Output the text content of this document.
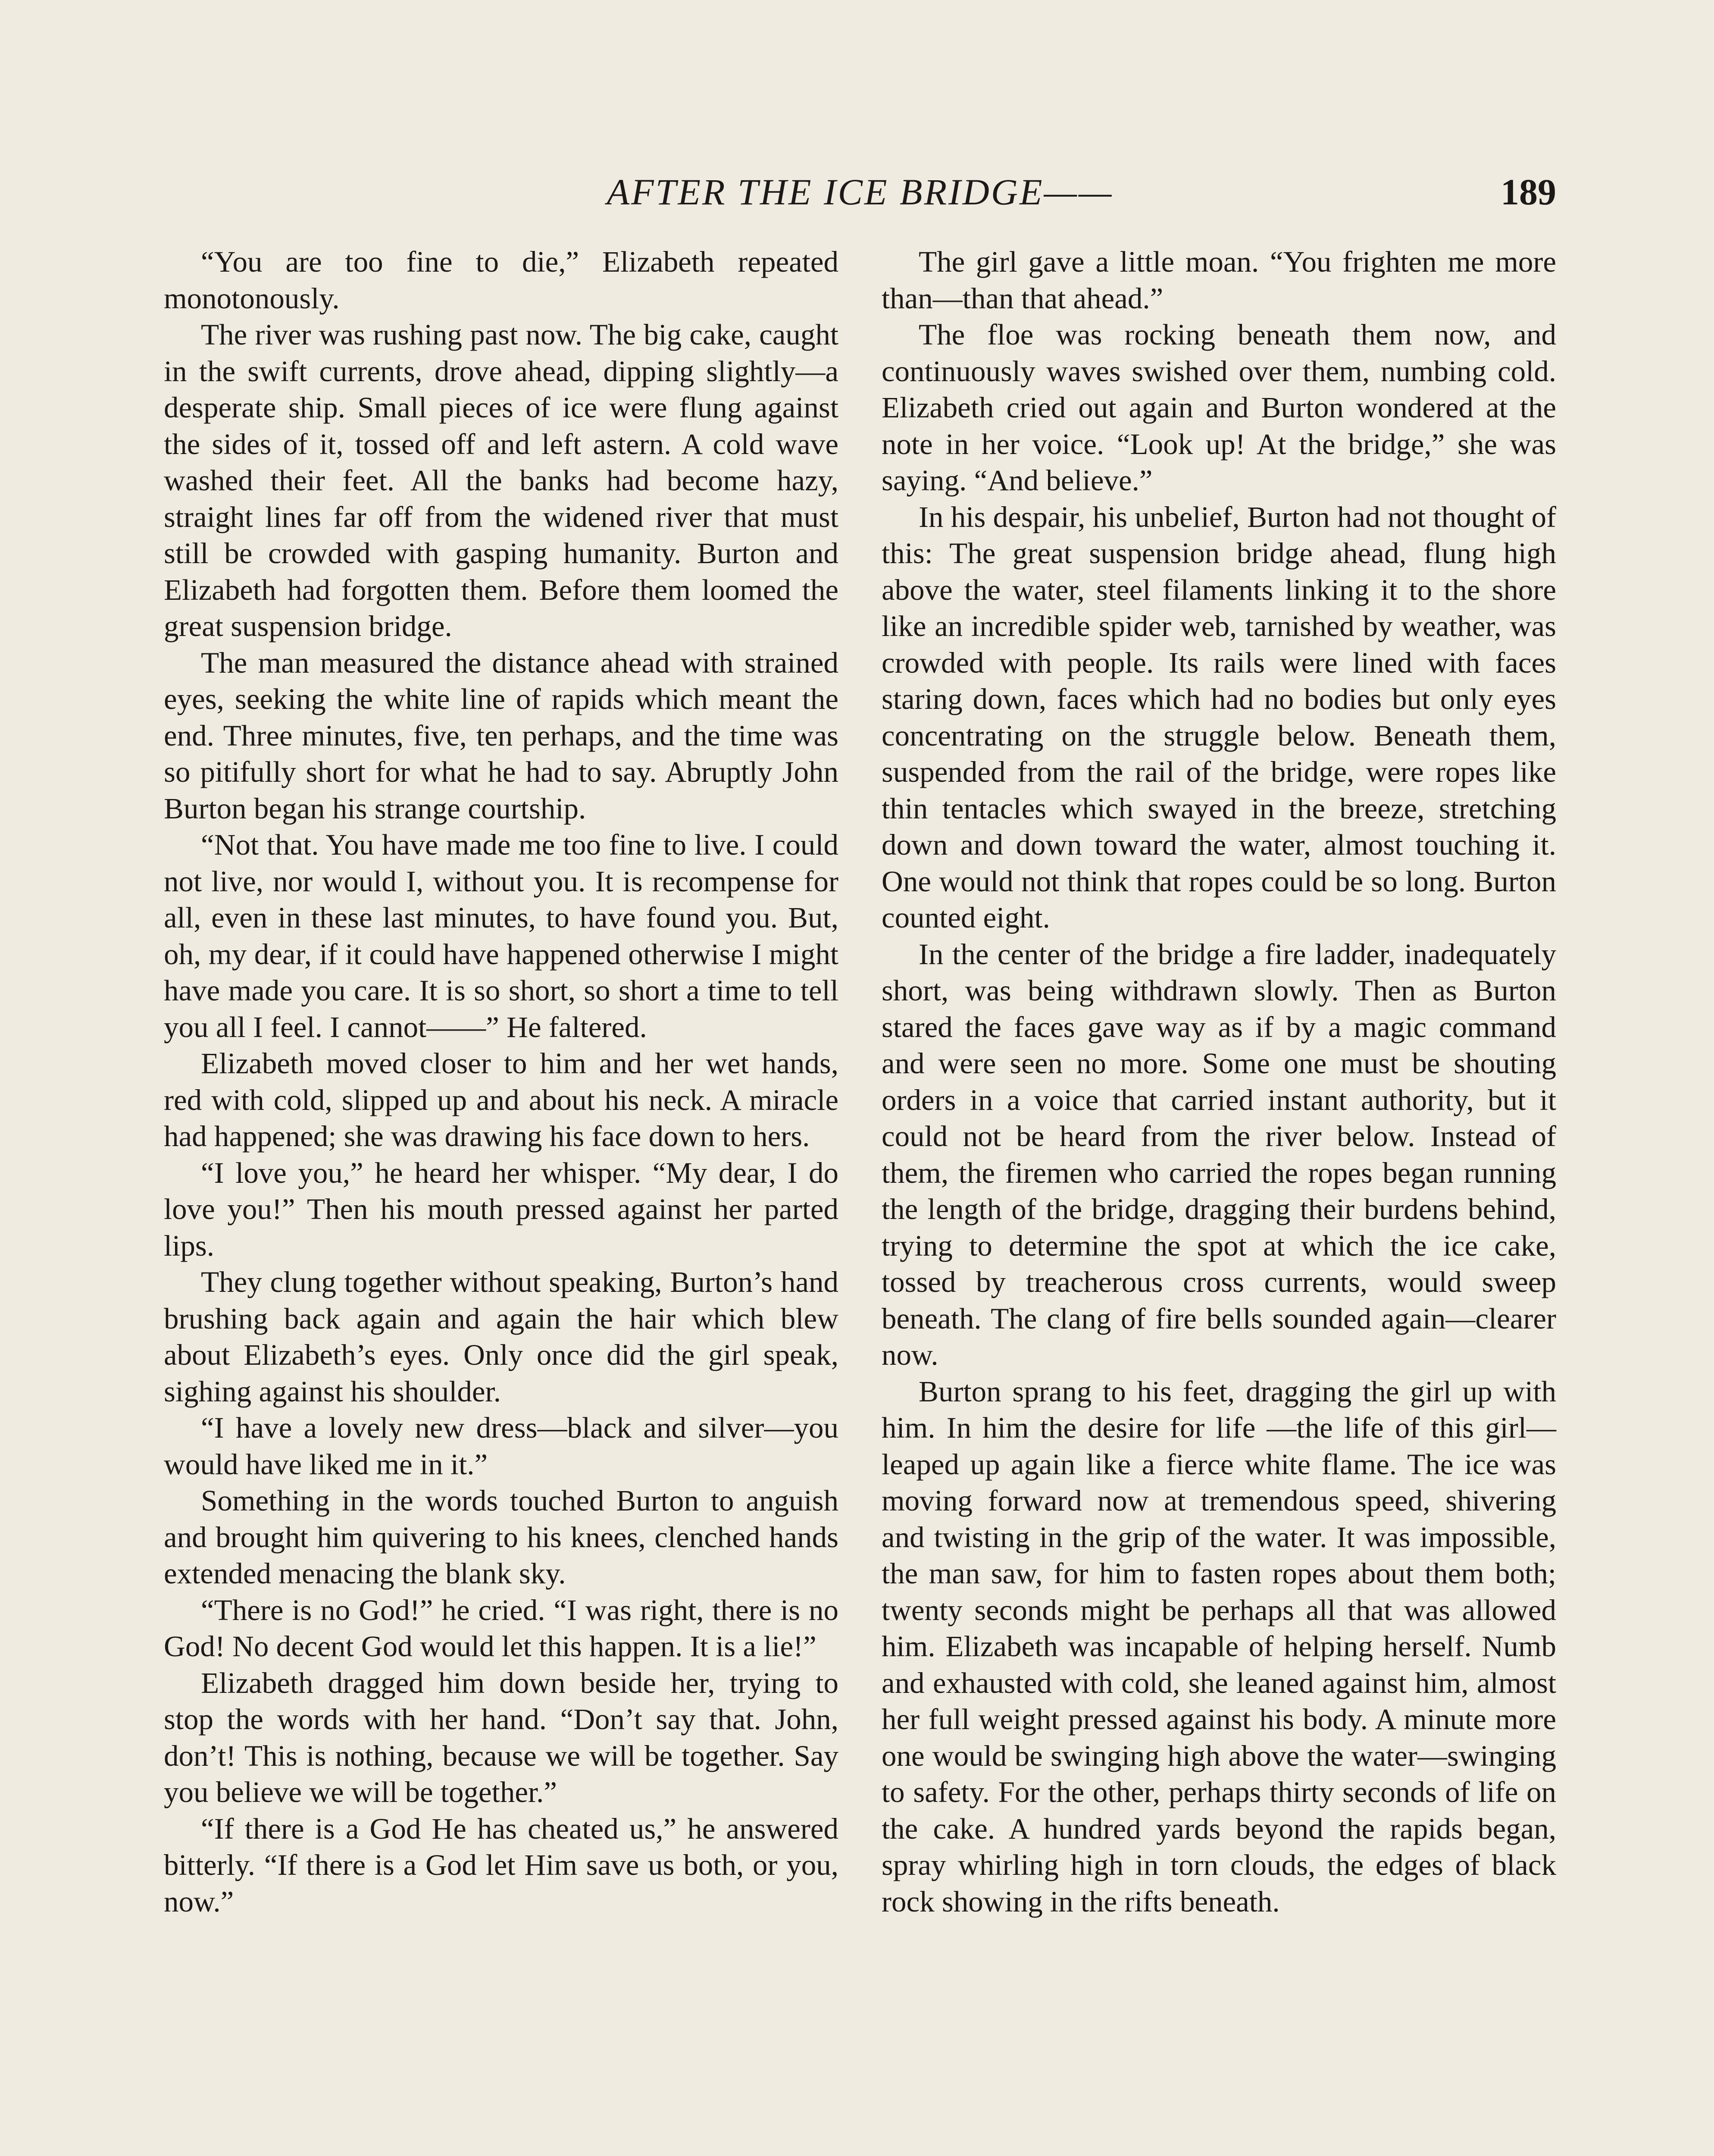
AFTER THE ICE BRIDGE——	189

“You are too fine to die,” Elizabeth repeated monotonously.

The river was rushing past now. The big cake, caught in the swift currents, drove ahead, dipping slightly—a desperate ship. Small pieces of ice were flung against the sides of it, tossed off and left astern. A cold wave washed their feet. All the banks had become hazy, straight lines far off from the widened river that must still be crowded with gasping humanity. Burton and Elizabeth had forgotten them. Before them loomed the great suspension bridge.

The man measured the distance ahead with strained eyes, seeking the white line of rapids which meant the end. Three minutes, five, ten perhaps, and the time was so pitifully short for what he had to say. Abruptly John Burton began his strange courtship.

“Not that. You have made me too fine to live. I could not live, nor would I, without you. It is recompense for all, even in these last minutes, to have found you. But, oh, my dear, if it could have happened otherwise I might have made you care. It is so short, so short a time to tell you all I feel. I cannot——” He faltered.

Elizabeth moved closer to him and her wet hands, red with cold, slipped up and about his neck. A miracle had happened; she was drawing his face down to hers.

“I love you,” he heard her whisper. “My dear, I do love you!” Then his mouth pressed against her parted lips.

They clung together without speaking, Burton’s hand brushing back again and again the hair which blew about Elizabeth’s eyes. Only once did the girl speak, sighing against his shoulder.

“I have a lovely new dress—black and silver—you would have liked me in it.”

Something in the words touched Burton to anguish and brought him quivering to his knees, clenched hands extended menacing the blank sky.

“There is no God!” he cried. “I was right, there is no God! No decent God would let this happen. It is a lie!”

Elizabeth dragged him down beside her, trying to stop the words with her hand. “Don’t say that. John, don’t! This is nothing, because we will be together. Say you believe we will be together.”

“If there is a God He has cheated us,” he answered bitterly. “If there is a God let Him save us both, or you, now.”

The girl gave a little moan. “You frighten me more than—than that ahead.”

The floe was rocking beneath them now, and continuously waves swished over them, numbing cold. Elizabeth cried out again and Burton wondered at the note in her voice. “Look up! At the bridge,” she was saying. “And believe.”

In his despair, his unbelief, Burton had not thought of this: The great suspension bridge ahead, flung high above the water, steel filaments linking it to the shore like an incredible spider web, tarnished by weather, was crowded with people. Its rails were lined with faces staring down, faces which had no bodies but only eyes concentrating on the struggle below. Beneath them, suspended from the rail of the bridge, were ropes like thin tentacles which swayed in the breeze, stretching down and down toward the water, almost touching it. One would not think that ropes could be so long. Burton counted eight.

In the center of the bridge a fire ladder, inadequately short, was being withdrawn slowly. Then as Burton stared the faces gave way as if by a magic command and were seen no more. Some one must be shouting orders in a voice that carried instant authority, but it could not be heard from the river below. Instead of them, the firemen who carried the ropes began running the length of the bridge, dragging their burdens behind, trying to determine the spot at which the ice cake, tossed by treacherous cross currents, would sweep beneath. The clang of fire bells sounded again—clearer now.

Burton sprang to his feet, dragging the girl up with him. In him the desire for life —the life of this girl—leaped up again like a fierce white flame. The ice was moving forward now at tremendous speed, shivering and twisting in the grip of the water. It was impossible, the man saw, for him to fasten ropes about them both; twenty seconds might be perhaps all that was allowed him. Elizabeth was incapable of helping herself. Numb and exhausted with cold, she leaned against him, almost her full weight pressed against his body. A minute more one would be swinging high above the water—swinging to safety. For the other, perhaps thirty seconds of life on the cake. A hundred yards beyond the rapids began, spray whirling high in torn clouds, the edges of black rock showing in the rifts beneath.
